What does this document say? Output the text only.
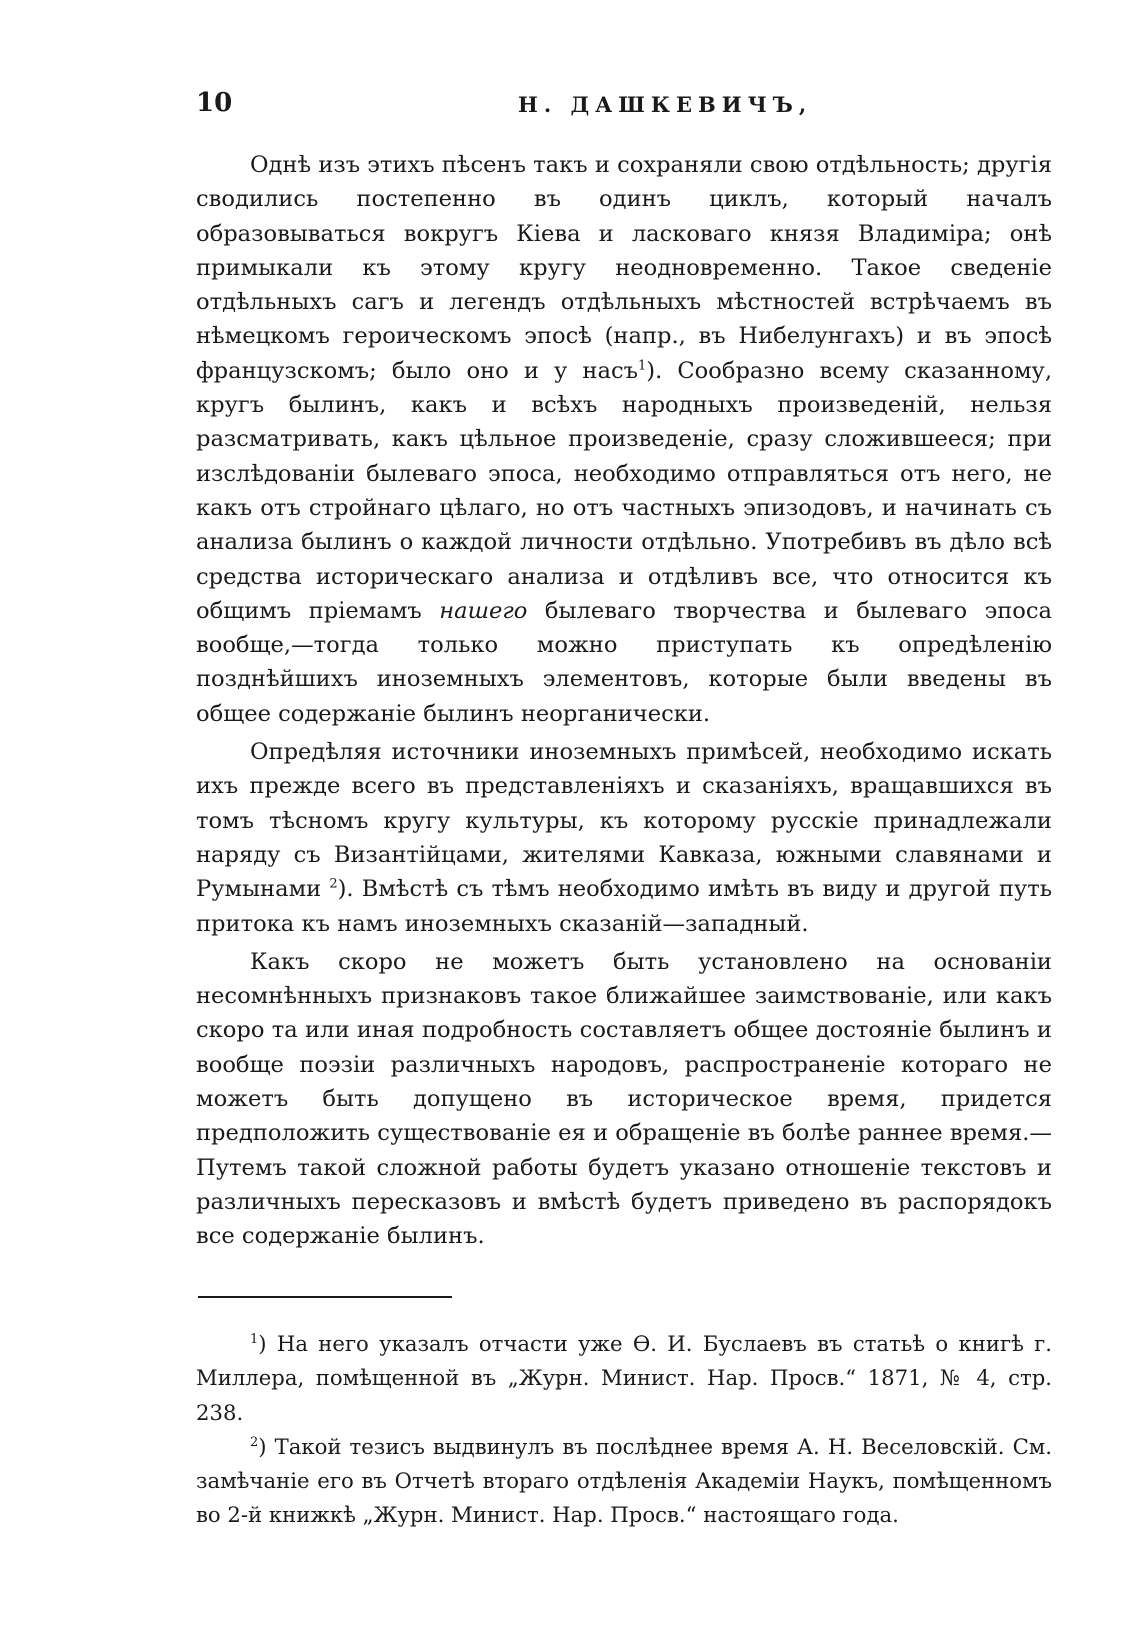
10	Н. ДАШКЕВИЧЪ,

Однѣ изъ этихъ пѣсенъ такъ и сохраняли свою отдѣльность; другія сводились постепенно въ одинъ циклъ, который началъ образовываться вокругъ Кіева и ласковаго князя Владиміра; онѣ примыкали къ этому кругу неодновременно. Такое сведеніе отдѣльныхъ сагъ и легендъ отдѣльныхъ мѣстностей встрѣчаемъ въ нѣмецкомъ героическомъ эпосѣ (напр., въ Нибелунгахъ) и въ эпосѣ французскомъ; было оно и у насъ$^1$). Сообразно всему сказанному, кругъ былинъ, какъ и всѣхъ народныхъ произведеній, нельзя разсматривать, какъ цѣльное произведеніе, сразу сложившееся; при изслѣдованіи былеваго эпоса, необходимо отправляться отъ него, не какъ отъ стройнаго цѣлаго, но отъ частныхъ эпизодовъ, и начинать съ анализа былинъ о каждой личности отдѣльно. Употребивъ въ дѣло всѣ средства историческаго анализа и отдѣливъ все, что относится къ общимъ пріемамъ нашего былеваго творчества и былеваго эпоса вообще,—тогда только можно приступать къ опредѣленію позднѣйшихъ иноземныхъ элементовъ, которые были введены въ общее содержаніе былинъ неорганически.

Опредѣляя источники иноземныхъ примѣсей, необходимо искать ихъ прежде всего въ представленіяхъ и сказаніяхъ, вращавшихся въ томъ тѣсномъ кругу культуры, къ которому русскіе принадлежали наряду съ Византійцами, жителями Кавказа, южными славянами и Румынами $^2$). Вмѣстѣ съ тѣмъ необходимо имѣть въ виду и другой путь притока къ намъ иноземныхъ сказаній—западный.

Какъ скоро не можетъ быть установлено на основаніи несомнѣнныхъ признаковъ такое ближайшее заимствованіе, или какъ скоро та или иная подробность составляетъ общее достояніе былинъ и вообще поэзіи различныхъ народовъ, распространеніе котораго не можетъ быть допущено въ историческое время, придется предположить существованіе ея и обращеніе въ болѣе раннее время.—Путемъ такой сложной работы будетъ указано отношеніе текстовъ и различныхъ пересказовъ и вмѣстѣ будетъ приведено въ распорядокъ все содержаніе былинъ.

$^1$) На него указалъ отчасти уже Ѳ. И. Буслаевъ въ статьѣ о книгѣ г. Миллера, помѣщенной въ „Журн. Минист. Нар. Просв.“ 1871, № 4, стр. 238.

$^2$) Такой тезисъ выдвинулъ въ послѣднее время А. Н. Веселовскій. См. замѣчаніе его въ Отчетѣ втораго отдѣленія Академіи Наукъ, помѣщенномъ во 2-й книжкѣ „Журн. Минист. Нар. Просв.“ настоящаго года.
